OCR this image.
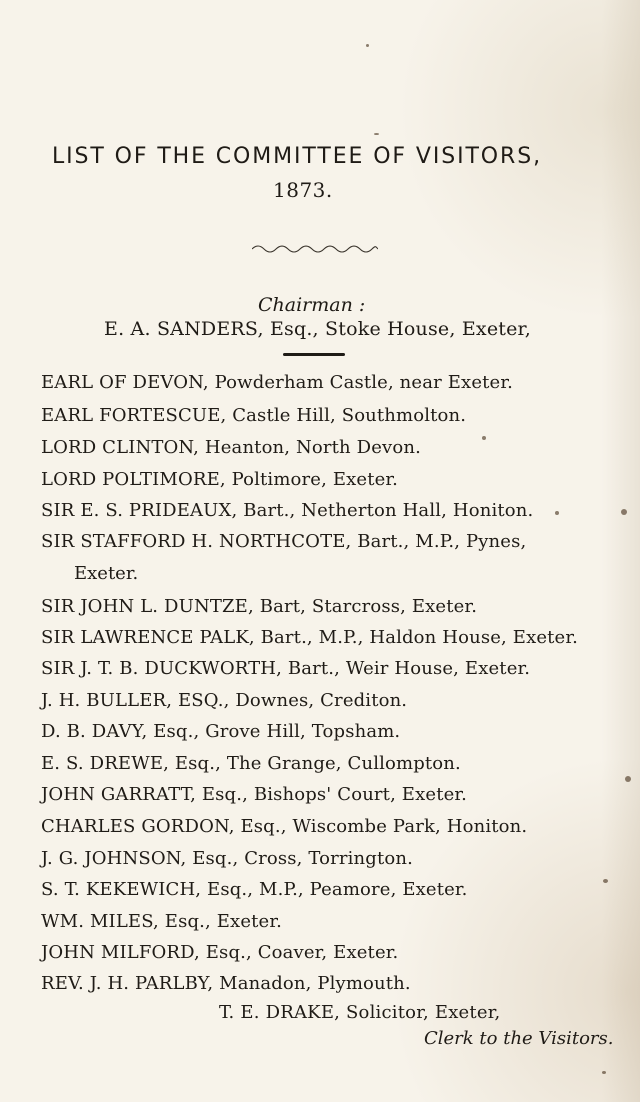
LIST OF THE COMMITTEE OF VISITORS,
1873.
Chairman :
E. A. SANDERS, Esq., Stoke House, Exeter,
EARL OF DEVON, Powderham Castle, near Exeter.
EARL FORTESCUE, Castle Hill, Southmolton.
LORD CLINTON, Heanton, North Devon.
LORD POLTIMORE, Poltimore, Exeter.
SIR E. S. PRIDEAUX, Bart., Netherton Hall, Honiton.
SIR STAFFORD H. NORTHCOTE, Bart., M.P., Pynes,
Exeter.
SIR JOHN L. DUNTZE, Bart, Starcross, Exeter.
SIR LAWRENCE PALK, Bart., M.P., Haldon House, Exeter.
SIR J. T. B. DUCKWORTH, Bart., Weir House, Exeter.
J. H. BULLER, ESQ., Downes, Crediton.
D. B. DAVY, Esq., Grove Hill, Topsham.
E. S. DREWE, Esq., The Grange, Cullompton.
JOHN GARRATT, Esq., Bishops' Court, Exeter.
CHARLES GORDON, Esq., Wiscombe Park, Honiton.
J. G. JOHNSON, Esq., Cross, Torrington.
S. T. KEKEWICH, Esq., M.P., Peamore, Exeter.
WM. MILES, Esq., Exeter.
JOHN MILFORD, Esq., Coaver, Exeter.
REV. J. H. PARLBY, Manadon, Plymouth.
T. E. DRAKE, Solicitor, Exeter,
Clerk to the Visitors.
